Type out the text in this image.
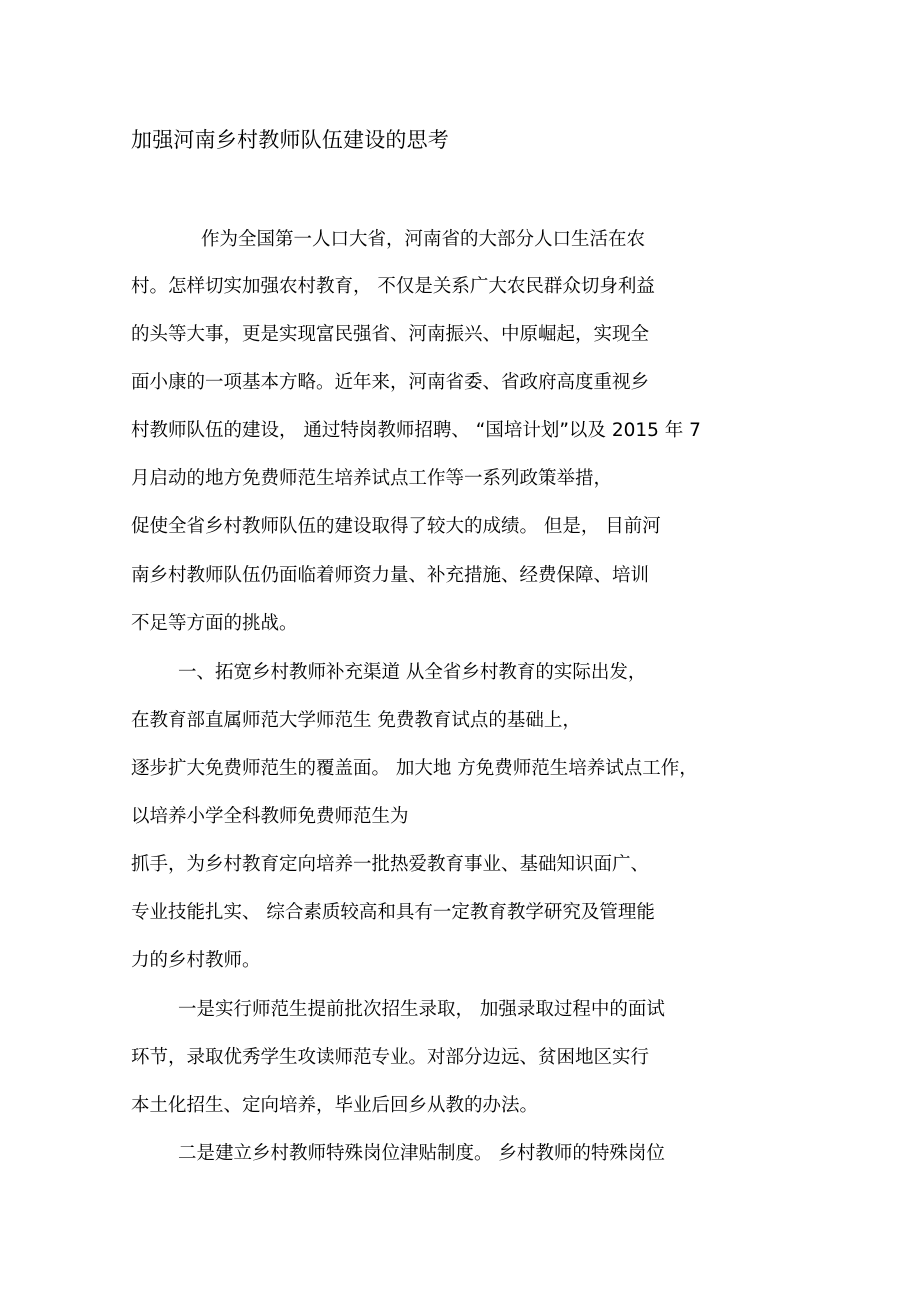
加强河南乡村教师队伍建设的思考
作为全国第一人口大省，河南省的大部分人口生活在农
村。怎样切实加强农村教育， 不仅是关系广大农民群众切身利益
的头等大事，更是实现富民强省、河南振兴、中原崛起，实现全
面小康的一项基本方略。近年来，河南省委、省政府高度重视乡
村教师队伍的建设， 通过特岗教师招聘、 “国培计划”以及 2015 年 7
月启动的地方免费师范生培养试点工作等一系列政策举措，
促使全省乡村教师队伍的建设取得了较大的成绩。 但是， 目前河
南乡村教师队伍仍面临着师资力量、补充措施、经费保障、培训
不足等方面的挑战。
一、拓宽乡村教师补充渠道 从全省乡村教育的实际出发，
在教育部直属师范大学师范生 免费教育试点的基础上，
逐步扩大免费师范生的覆盖面。 加大地 方免费师范生培养试点工作，
以培养小学全科教师免费师范生为
抓手，为乡村教育定向培养一批热爱教育事业、基础知识面广、
专业技能扎实、 综合素质较高和具有一定教育教学研究及管理能
力的乡村教师。
一是实行师范生提前批次招生录取， 加强录取过程中的面试
环节，录取优秀学生攻读师范专业。对部分边远、贫困地区实行
本土化招生、定向培养，毕业后回乡从教的办法。
二是建立乡村教师特殊岗位津贴制度。 乡村教师的特殊岗位
